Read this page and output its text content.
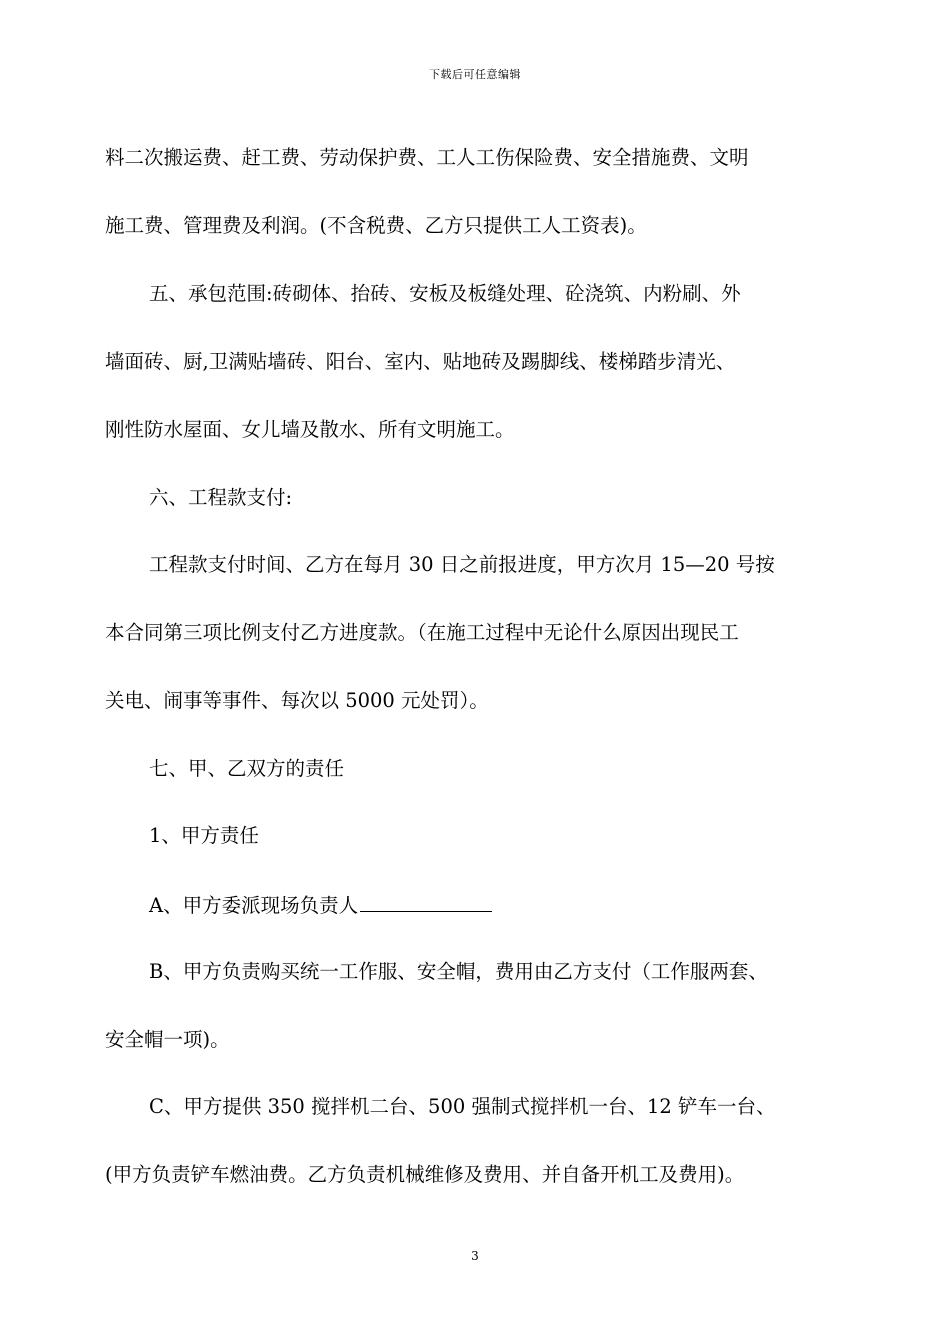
下载后可任意编辑
料二次搬运费、赶工费、劳动保护费、工人工伤保险费、安全措施费、文明
施工费、管理费及利润。(不含税费、乙方只提供工人工资表)。
五、承包范围:砖砌体、抬砖、安板及板缝处理、砼浇筑、内粉刷、外
墙面砖、厨,卫满贴墙砖、阳台、室内、贴地砖及踢脚线、楼梯踏步清光、
刚性防水屋面、女儿墙及散水、所有文明施工。
六、工程款支付:
工程款支付时间、乙方在每月 30 日之前报进度，甲方次月 15—20 号按
本合同第三项比例支付乙方进度款。（在施工过程中无论什么原因出现民工
关电、闹事等事件、每次以 5000 元处罚）。
七、甲、乙双方的责任
1、甲方责任
A、甲方委派现场负责人
B、甲方负责购买统一工作服、安全帽，费用由乙方支付（工作服两套、
安全帽一项)。
C、甲方提供 350 搅拌机二台、500 强制式搅拌机一台、12 铲车一台、
(甲方负责铲车燃油费。乙方负责机械维修及费用、并自备开机工及费用)。
3
